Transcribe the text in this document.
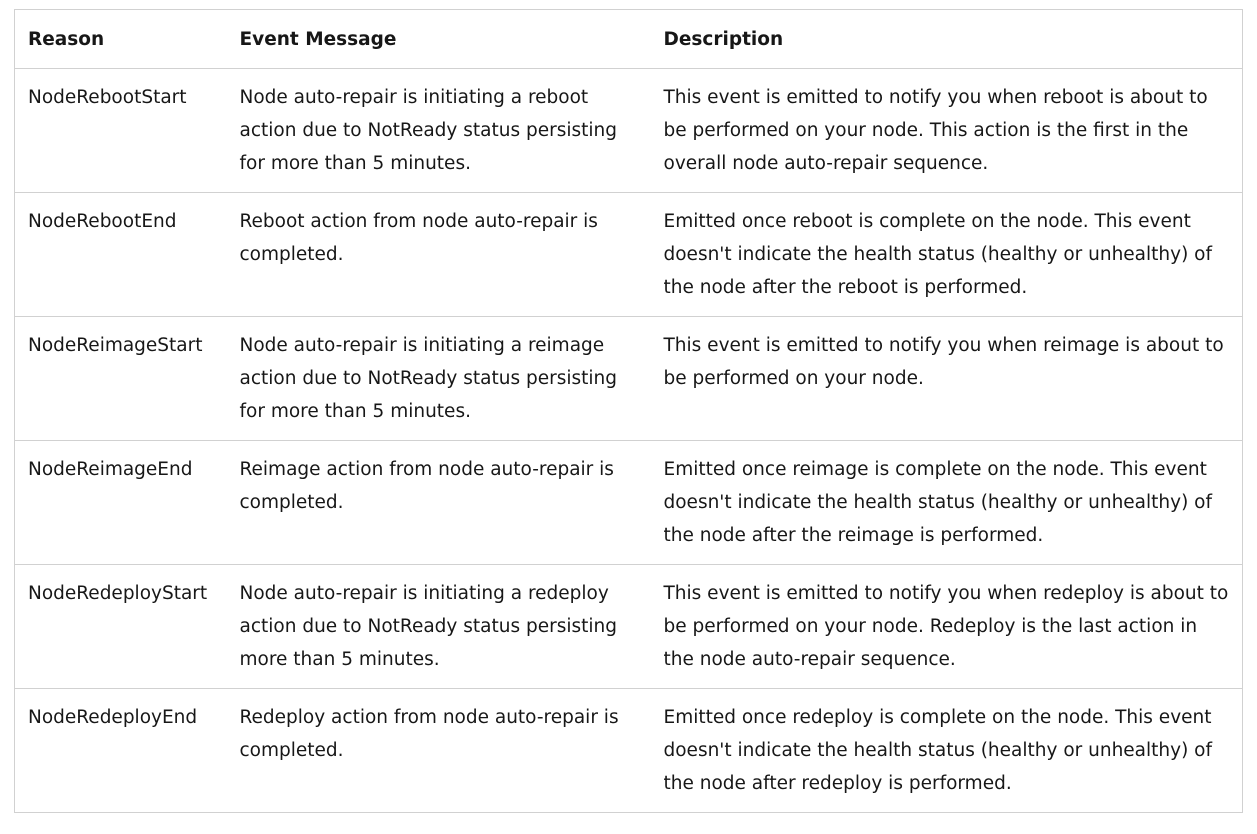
Reason	Event Message	Description
NodeRebootStart	Node auto-repair is initiating a reboot action due to NotReady status persisting for more than 5 minutes.	This event is emitted to notify you when reboot is about to be performed on your node. This action is the first in the overall node auto-repair sequence.
NodeRebootEnd	Reboot action from node auto-repair is completed.	Emitted once reboot is complete on the node. This event doesn't indicate the health status (healthy or unhealthy) of the node after the reboot is performed.
NodeReimageStart	Node auto-repair is initiating a reimage action due to NotReady status persisting for more than 5 minutes.	This event is emitted to notify you when reimage is about to be performed on your node.
NodeReimageEnd	Reimage action from node auto-repair is completed.	Emitted once reimage is complete on the node. This event doesn't indicate the health status (healthy or unhealthy) of the node after the reimage is performed.
NodeRedeployStart	Node auto-repair is initiating a redeploy action due to NotReady status persisting more than 5 minutes.	This event is emitted to notify you when redeploy is about to be performed on your node. Redeploy is the last action in the node auto-repair sequence.
NodeRedeployEnd	Redeploy action from node auto-repair is completed.	Emitted once redeploy is complete on the node. This event doesn't indicate the health status (healthy or unhealthy) of the node after redeploy is performed.
